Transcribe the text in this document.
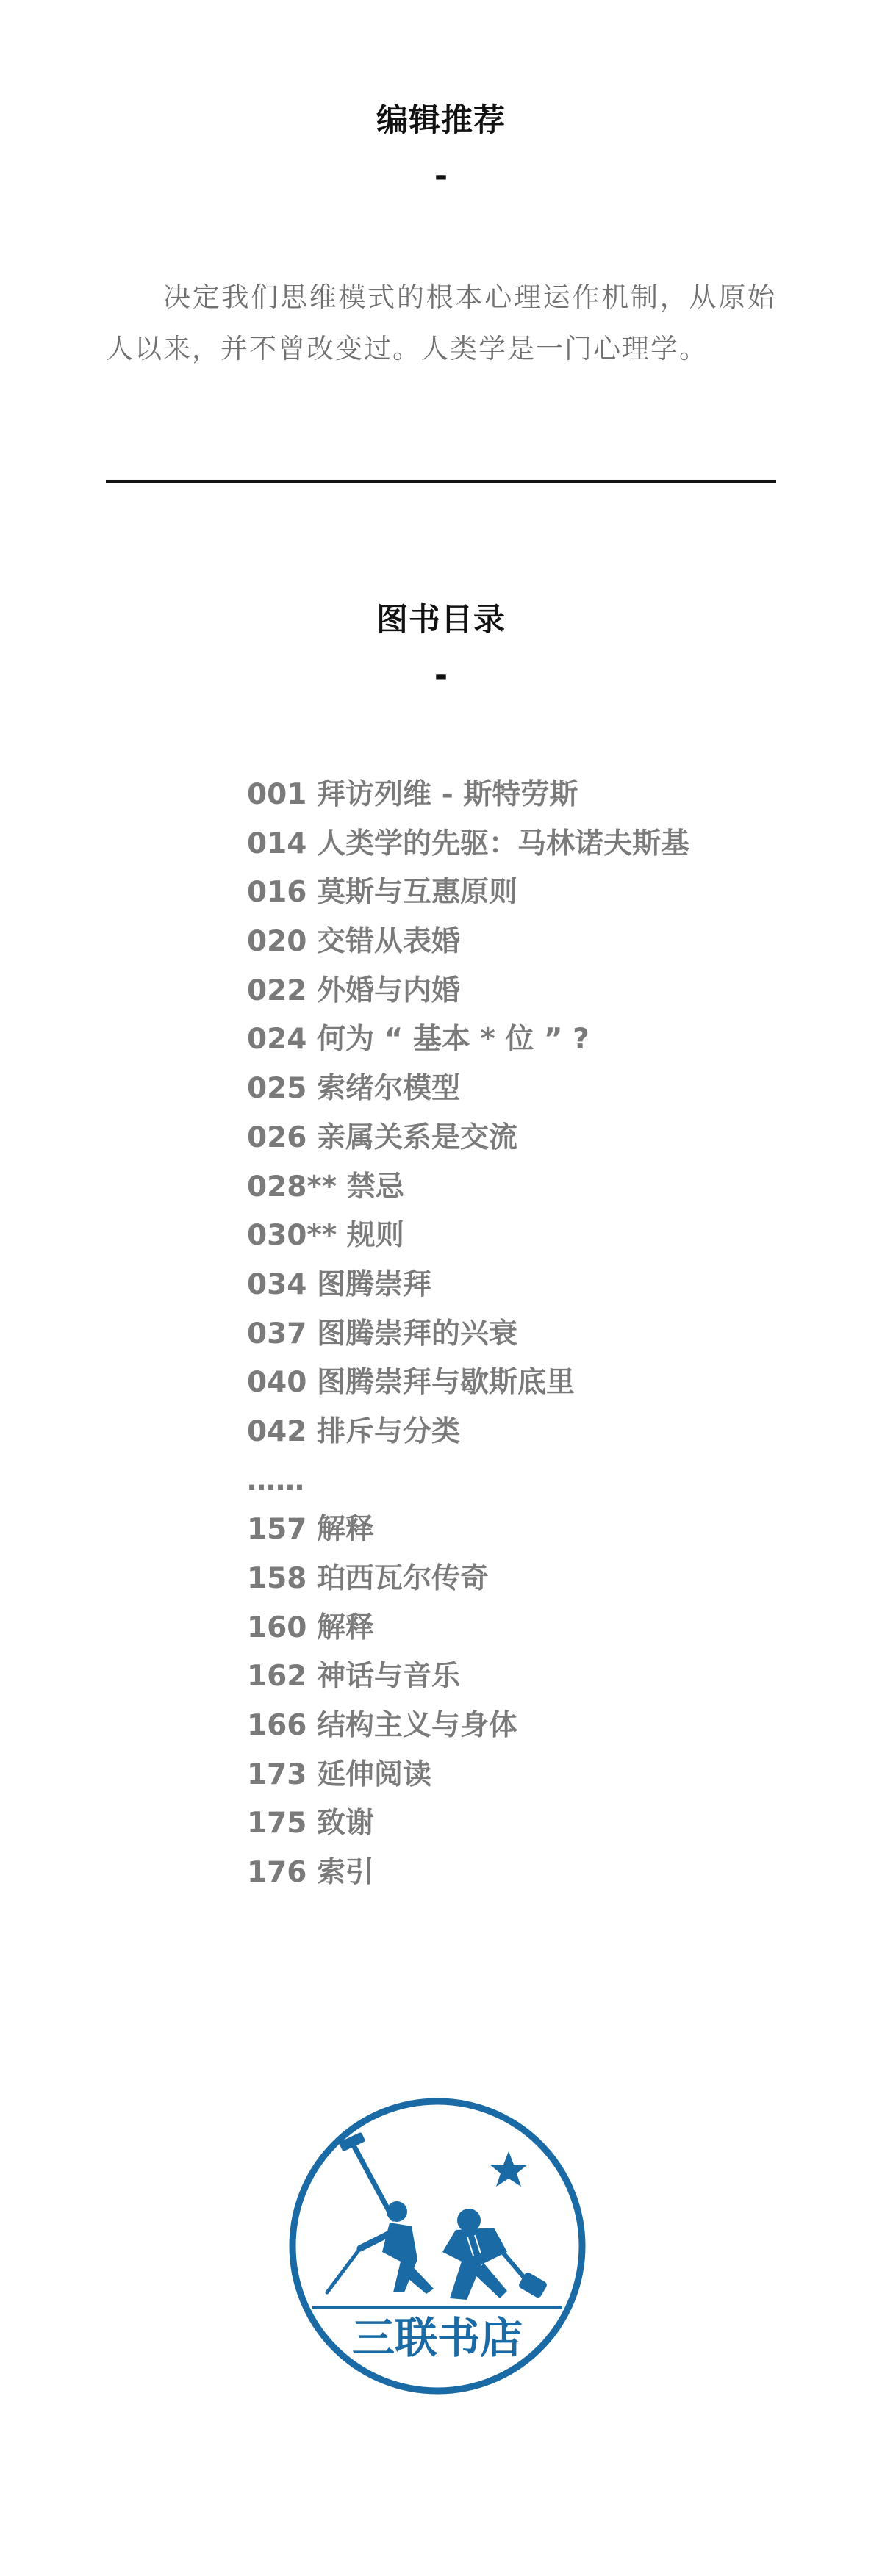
编辑推荐
-

决定我们思维模式的根本心理运作机制，从原始人以来，并不曾改变过。人类学是一门心理学。

图书目录
-
001 拜访列维 - 斯特劳斯
014 人类学的先驱：马林诺夫斯基
016 莫斯与互惠原则
020 交错从表婚
022 外婚与内婚
024 何为 “ 基本 * 位 ” ?
025 索绪尔模型
026 亲属关系是交流
028** 禁忌
030** 规则
034 图腾崇拜
037 图腾崇拜的兴衰
040 图腾崇拜与歇斯底里
042 排斥与分类
……
157 解释
158 珀西瓦尔传奇
160 解释
162 神话与音乐
166 结构主义与身体
173 延伸阅读
175 致谢
176 索引
三联书店
